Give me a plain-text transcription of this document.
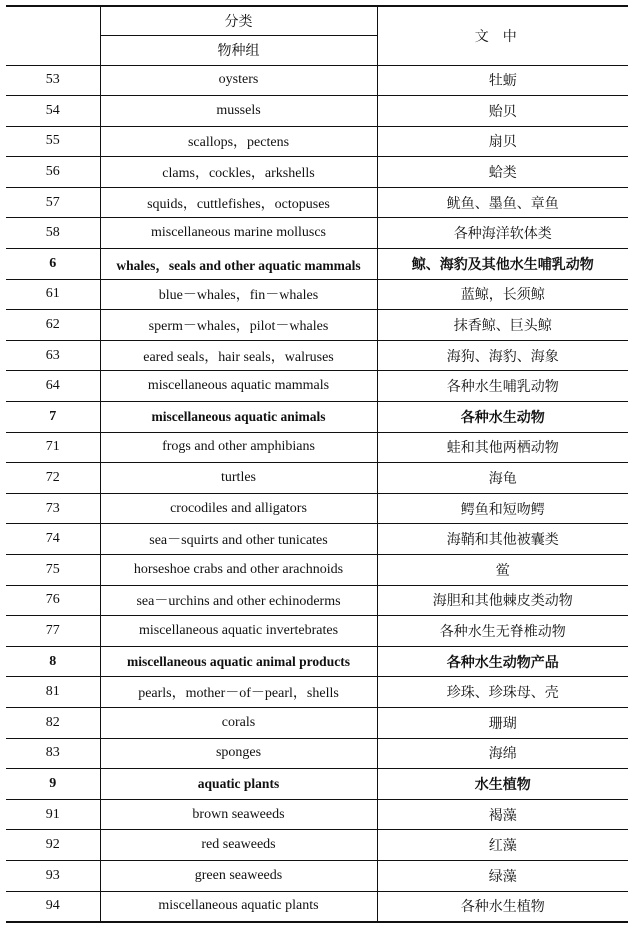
	分类	文中
	物种组	
53	oysters	牡蛎
54	mussels	贻贝
55	scallops，pectens	扇贝
56	clams，cockles，arkshells	蛤类
57	squids，cuttlefishes，octopuses	鱿鱼、墨鱼、章鱼
58	miscellaneous marine molluscs	各种海洋软体类
6	whales，seals and other aquatic mammals	鲸、海豹及其他水生哺乳动物
61	blue－whales，fin－whales	蓝鲸，长须鲸
62	sperm－whales，pilot－whales	抹香鲸、巨头鲸
63	eared seals，hair seals，walruses	海狗、海豹、海象
64	miscellaneous aquatic mammals	各种水生哺乳动物
7	miscellaneous aquatic animals	各种水生动物
71	frogs and other amphibians	蛙和其他两栖动物
72	turtles	海龟
73	crocodiles and alligators	鳄鱼和短吻鳄
74	sea－squirts and other tunicates	海鞘和其他被囊类
75	horseshoe crabs and other arachnoids	鲎
76	sea－urchins and other echinoderms	海胆和其他棘皮类动物
77	miscellaneous aquatic invertebrates	各种水生无脊椎动物
8	miscellaneous aquatic animal products	各种水生动物产品
81	pearls，mother－of－pearl，shells	珍珠、珍珠母、壳
82	corals	珊瑚
83	sponges	海绵
9	aquatic plants	水生植物
91	brown seaweeds	褐藻
92	red seaweeds	红藻
93	green seaweeds	绿藻
94	miscellaneous aquatic plants	各种水生植物
